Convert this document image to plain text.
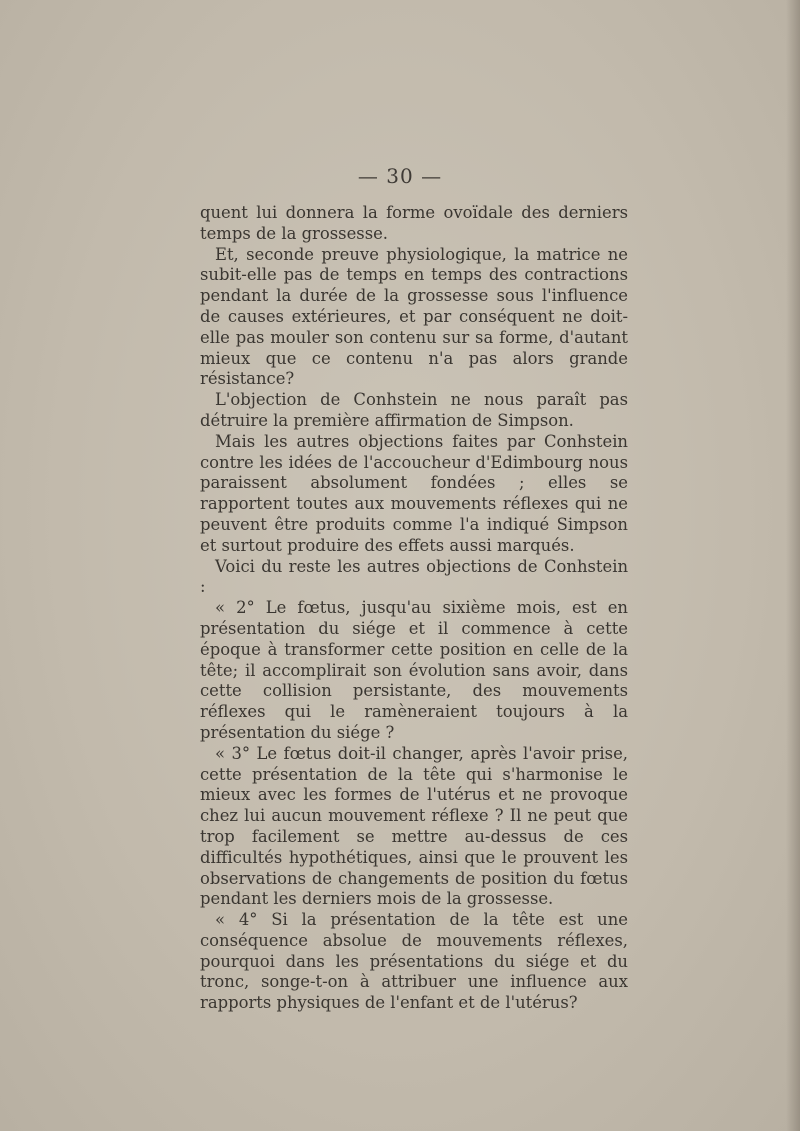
— 30 —

quent lui donnera la forme ovoïdale des derniers temps de la grossesse.

Et, seconde preuve physiologique, la matrice ne subit-elle pas de temps en temps des contractions pendant la durée de la grossesse sous l'influence de causes extérieures, et par conséquent ne doit-elle pas mouler son contenu sur sa forme, d'autant mieux que ce contenu n'a pas alors grande résistance?

L'objection de Conhstein ne nous paraît pas détruire la première affirmation de Simpson.

Mais les autres objections faites par Conhstein contre les idées de l'accoucheur d'Edimbourg nous paraissent absolument fondées ; elles se rapportent toutes aux mouvements réflexes qui ne peuvent être produits comme l'a indiqué Simpson et surtout produire des effets aussi marqués.

Voici du reste les autres objections de Conhstein :

« 2° Le fœtus, jusqu'au sixième mois, est en présentation du siége et il commence à cette époque à transformer cette position en celle de la tête; il accomplirait son évolution sans avoir, dans cette collision persistante, des mouvements réflexes qui le ramèneraient toujours à la présentation du siége ?

« 3° Le fœtus doit-il changer, après l'avoir prise, cette présentation de la tête qui s'harmonise le mieux avec les formes de l'utérus et ne provoque chez lui aucun mouvement réflexe ? Il ne peut que trop facilement se mettre au-dessus de ces difficultés hypothétiques, ainsi que le prouvent les observations de changements de position du fœtus pendant les derniers mois de la grossesse.

« 4° Si la présentation de la tête est une conséquence absolue de mouvements réflexes, pourquoi dans les présentations du siége et du tronc, songe-t-on à attribuer une influence aux rapports physiques de l'enfant et de l'utérus?
